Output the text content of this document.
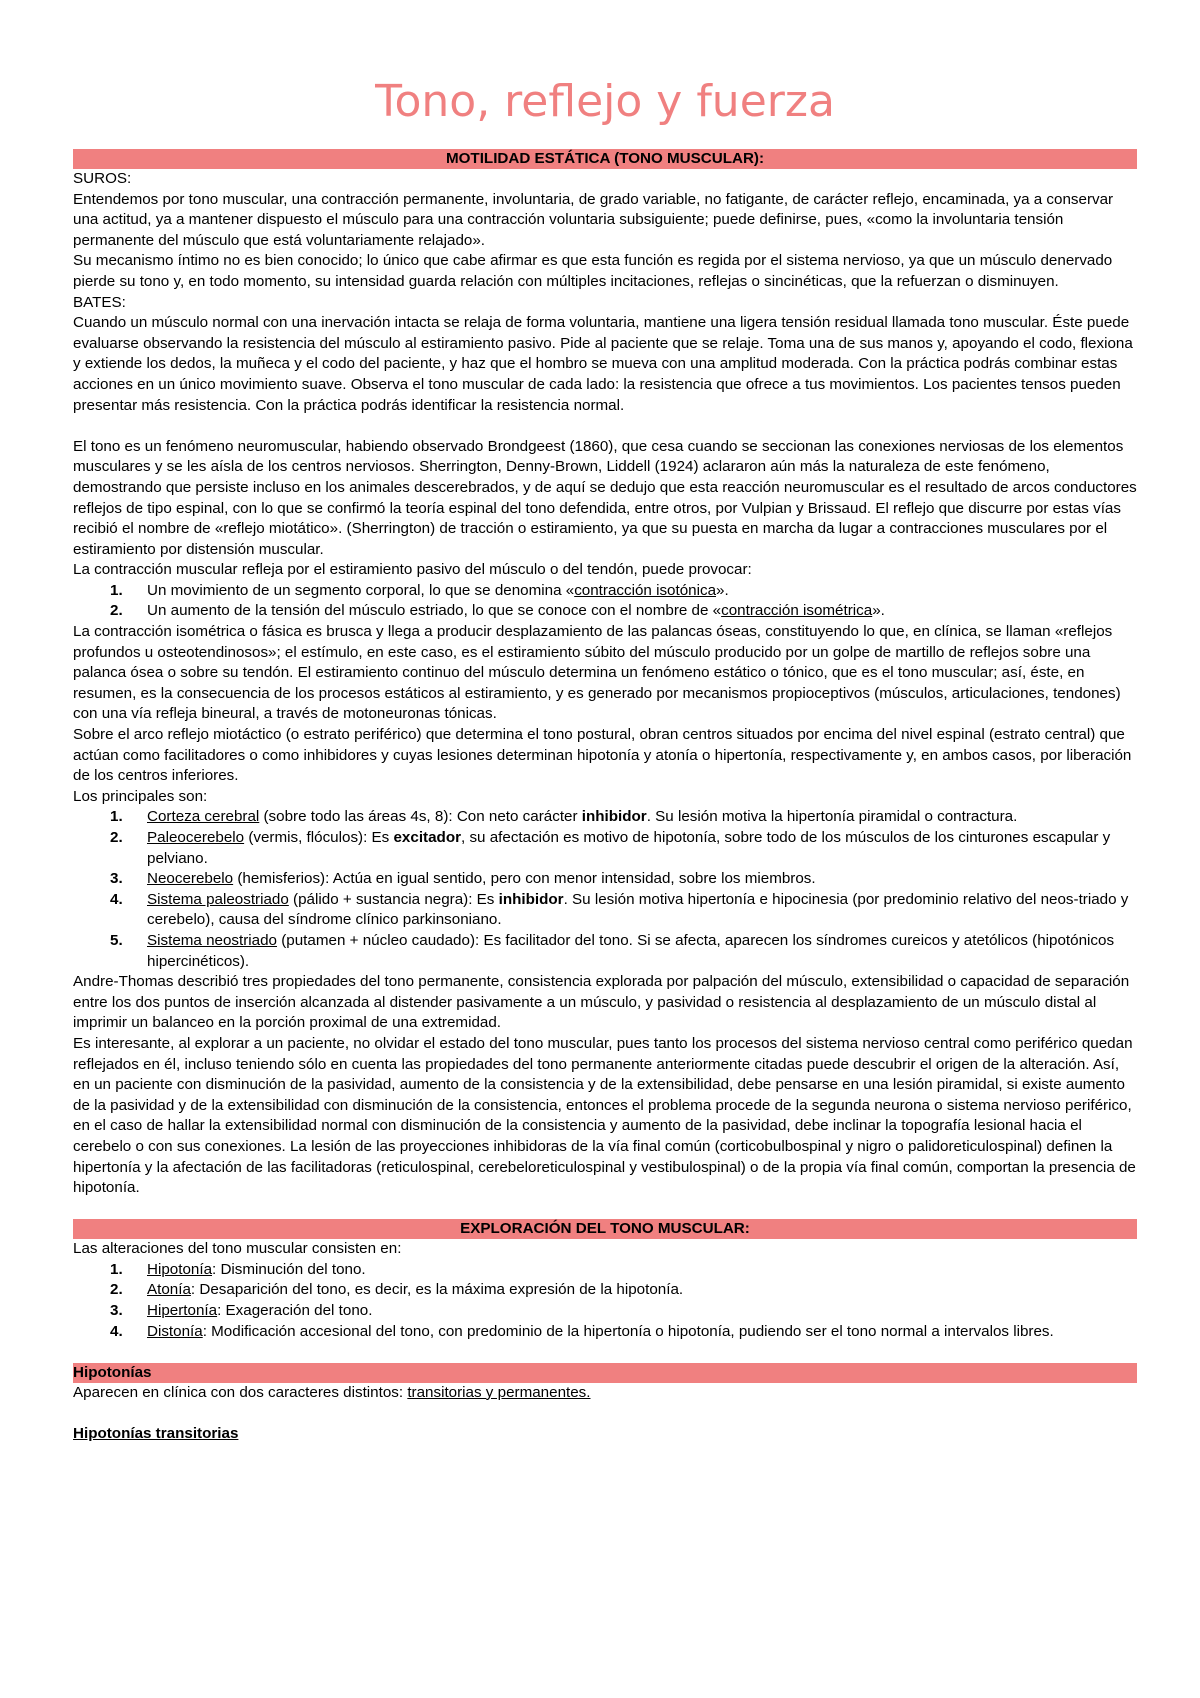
Tono, reflejo y fuerza
MOTILIDAD ESTÁTICA (TONO MUSCULAR):

SUROS:

Entendemos por tono muscular, una contracción permanente, involuntaria, de grado variable, no fatigante, de carácter reflejo, encaminada, ya a conservar una actitud, ya a mantener dispuesto el músculo para una contracción voluntaria subsiguiente; puede definirse, pues, «como la involuntaria tensión permanente del músculo que está voluntariamente relajado».

Su mecanismo íntimo no es bien conocido; lo único que cabe afirmar es que esta función es regida por el sistema nervioso, ya que un músculo denervado pierde su tono y, en todo momento, su intensidad guarda relación con múltiples incitaciones, reflejas o sincinéticas, que la refuerzan o disminuyen.

BATES:

Cuando un músculo normal con una inervación intacta se relaja de forma voluntaria, mantiene una ligera tensión residual llamada tono muscular. Éste puede evaluarse observando la resistencia del músculo al estiramiento pasivo. Pide al paciente que se relaje. Toma una de sus manos y, apoyando el codo, flexiona y extiende los dedos, la muñeca y el codo del paciente, y haz que el hombro se mueva con una amplitud moderada. Con la práctica podrás combinar estas acciones en un único movimiento suave. Observa el tono muscular de cada lado: la resistencia que ofrece a tus movimientos. Los pacientes tensos pueden presentar más resistencia. Con la práctica podrás identificar la resistencia normal.

El tono es un fenómeno neuromuscular, habiendo observado Brondgeest (1860), que cesa cuando se seccionan las conexiones nerviosas de los elementos musculares y se les aísla de los centros nerviosos. Sherrington, Denny-Brown, Liddell (1924) aclararon aún más la naturaleza de este fenómeno, demostrando que persiste incluso en los animales descerebrados, y de aquí se dedujo que esta reacción neuromuscular es el resultado de arcos conductores reflejos de tipo espinal, con lo que se confirmó la teoría espinal del tono defendida, entre otros, por Vulpian y Brissaud. El reflejo que discurre por estas vías recibió el nombre de «reflejo miotático». (Sherrington) de tracción o estiramiento, ya que su puesta en marcha da lugar a contracciones musculares por el estiramiento por distensión muscular.

La contracción muscular refleja por el estiramiento pasivo del músculo o del tendón, puede provocar:

1. Un movimiento de un segmento corporal, lo que se denomina «contracción isotónica».
2. Un aumento de la tensión del músculo estriado, lo que se conoce con el nombre de «contracción isométrica».

La contracción isométrica o fásica es brusca y llega a producir desplazamiento de las palancas óseas, constituyendo lo que, en clínica, se llaman «reflejos profundos u osteotendinosos»; el estímulo, en este caso, es el estiramiento súbito del músculo producido por un golpe de martillo de reflejos sobre una palanca ósea o sobre su tendón. El estiramiento continuo del músculo determina un fenómeno estático o tónico, que es el tono muscular; así, éste, en resumen, es la consecuencia de los procesos estáticos al estiramiento, y es generado por mecanismos propioceptivos (músculos, articulaciones, tendones) con una vía refleja bineural, a través de motoneuronas tónicas.

Sobre el arco reflejo miotáctico (o estrato periférico) que determina el tono postural, obran centros situados por encima del nivel espinal (estrato central) que actúan como facilitadores o como inhibidores y cuyas lesiones determinan hipotonía y atonía o hipertonía, respectivamente y, en ambos casos, por liberación de los centros inferiores.

Los principales son:

1. Corteza cerebral (sobre todo las áreas 4s, 8): Con neto carácter inhibidor. Su lesión motiva la hipertonía piramidal o contractura.
2. Paleocerebelo (vermis, flóculos): Es excitador, su afectación es motivo de hipotonía, sobre todo de los músculos de los cinturones escapular y pelviano.
3. Neocerebelo (hemisferios): Actúa en igual sentido, pero con menor intensidad, sobre los miembros.
4. Sistema paleostriado (pálido + sustancia negra): Es inhibidor. Su lesión motiva hipertonía e hipocinesia (por predominio relativo del neos-triado y cerebelo), causa del síndrome clínico parkinsoniano.
5. Sistema neostriado (putamen + núcleo caudado): Es facilitador del tono. Si se afecta, aparecen los síndromes cureicos y atetólicos (hipotónicos hipercinéticos).

Andre-Thomas describió tres propiedades del tono permanente, consistencia explorada por palpación del músculo, extensibilidad o capacidad de separación entre los dos puntos de inserción alcanzada al distender pasivamente a un músculo, y pasividad o resistencia al desplazamiento de un músculo distal al imprimir un balanceo en la porción proximal de una extremidad.

Es interesante, al explorar a un paciente, no olvidar el estado del tono muscular, pues tanto los procesos del sistema nervioso central como periférico quedan reflejados en él, incluso teniendo sólo en cuenta las propiedades del tono permanente anteriormente citadas puede descubrir el origen de la alteración. Así, en un paciente con disminución de la pasividad, aumento de la consistencia y de la extensibilidad, debe pensarse en una lesión piramidal, si existe aumento de la pasividad y de la extensibilidad con disminución de la consistencia, entonces el problema procede de la segunda neurona o sistema nervioso periférico, en el caso de hallar la extensibilidad normal con disminución de la consistencia y aumento de la pasividad, debe inclinar la topografía lesional hacia el cerebelo o con sus conexiones. La lesión de las proyecciones inhibidoras de la vía final común (corticobulbospinal y nigro o palidoreticulospinal) definen la hipertonía y la afectación de las facilitadoras (reticulospinal, cerebeloreticulospinal y vestibulospinal) o de la propia vía final común, comportan la presencia de hipotonía.

EXPLORACIÓN DEL TONO MUSCULAR:

Las alteraciones del tono muscular consisten en:

1. Hipotonía: Disminución del tono.
2. Atonía: Desaparición del tono, es decir, es la máxima expresión de la hipotonía.
3. Hipertonía: Exageración del tono.
4. Distonía: Modificación accesional del tono, con predominio de la hipertonía o hipotonía, pudiendo ser el tono normal a intervalos libres.
Hipotonías

Aparecen en clínica con dos caracteres distintos: transitorias y permanentes.

Hipotonías transitorias
